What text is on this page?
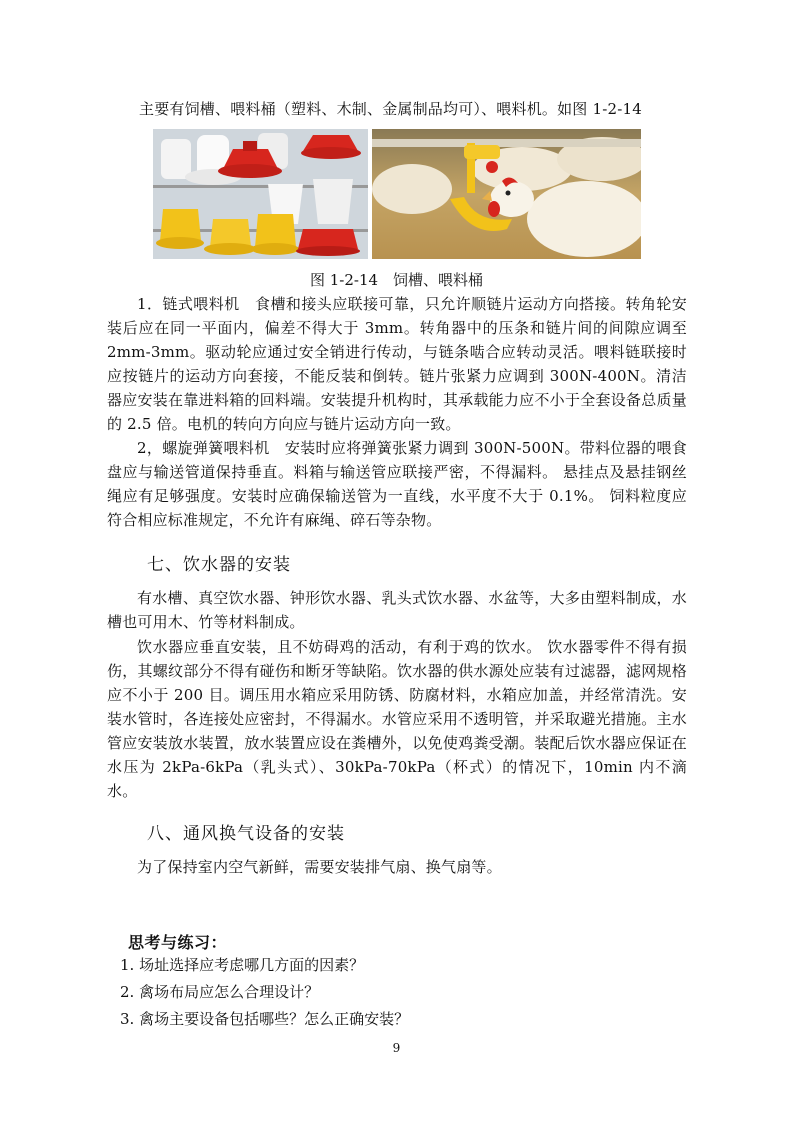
主要有饲槽、喂料桶（塑料、木制、金属制品均可）、喂料机。如图 1-2-14
图 1-2-14　饲槽、喂料桶

1．链式喂料机　食槽和接头应联接可靠，只允许顺链片运动方向搭接。转角轮安装后应在同一平面内，偏差不得大于 3mm。转角器中的压条和链片间的间隙应调至 2mm-3mm。驱动轮应通过安全销进行传动，与链条啮合应转动灵活。喂料链联接时应按链片的运动方向套接，不能反装和倒转。链片张紧力应调到 300N-400N。清洁器应安装在靠进料箱的回料端。安装提升机构时，其承载能力应不小于全套设备总质量的 2.5 倍。电机的转向方向应与链片运动方向一致。

2，螺旋弹簧喂料机　安装时应将弹簧张紧力调到 300N-500N。带料位器的喂食盘应与输送管道保持垂直。料箱与输送管应联接严密，不得漏料。 悬挂点及悬挂钢丝绳应有足够强度。安装时应确保输送管为一直线，水平度不大于 0.1%。 饲料粒度应符合相应标准规定，不允许有麻绳、碎石等杂物。

七、饮水器的安装

有水槽、真空饮水器、钟形饮水器、乳头式饮水器、水盆等，大多由塑料制成，水槽也可用木、竹等材料制成。

饮水器应垂直安装，且不妨碍鸡的活动，有利于鸡的饮水。 饮水器零件不得有损伤，其螺纹部分不得有碰伤和断牙等缺陷。饮水器的供水源处应装有过滤器，滤网规格应不小于 200 目。调压用水箱应采用防锈、防腐材料，水箱应加盖，并经常清洗。安装水管时，各连接处应密封，不得漏水。水管应采用不透明管，并采取避光措施。主水管应安装放水装置，放水装置应设在粪槽外，以免使鸡粪受潮。装配后饮水器应保证在水压为 2kPa-6kPa（乳头式）、30kPa-70kPa（杯式）的情况下，10min 内不滴水。

八、通风换气设备的安装

为了保持室内空气新鲜，需要安装排气扇、换气扇等。

思考与练习：
1. 场址选择应考虑哪几方面的因素？
2. 禽场布局应怎么合理设计？
3. 禽场主要设备包括哪些？怎么正确安装？
9
